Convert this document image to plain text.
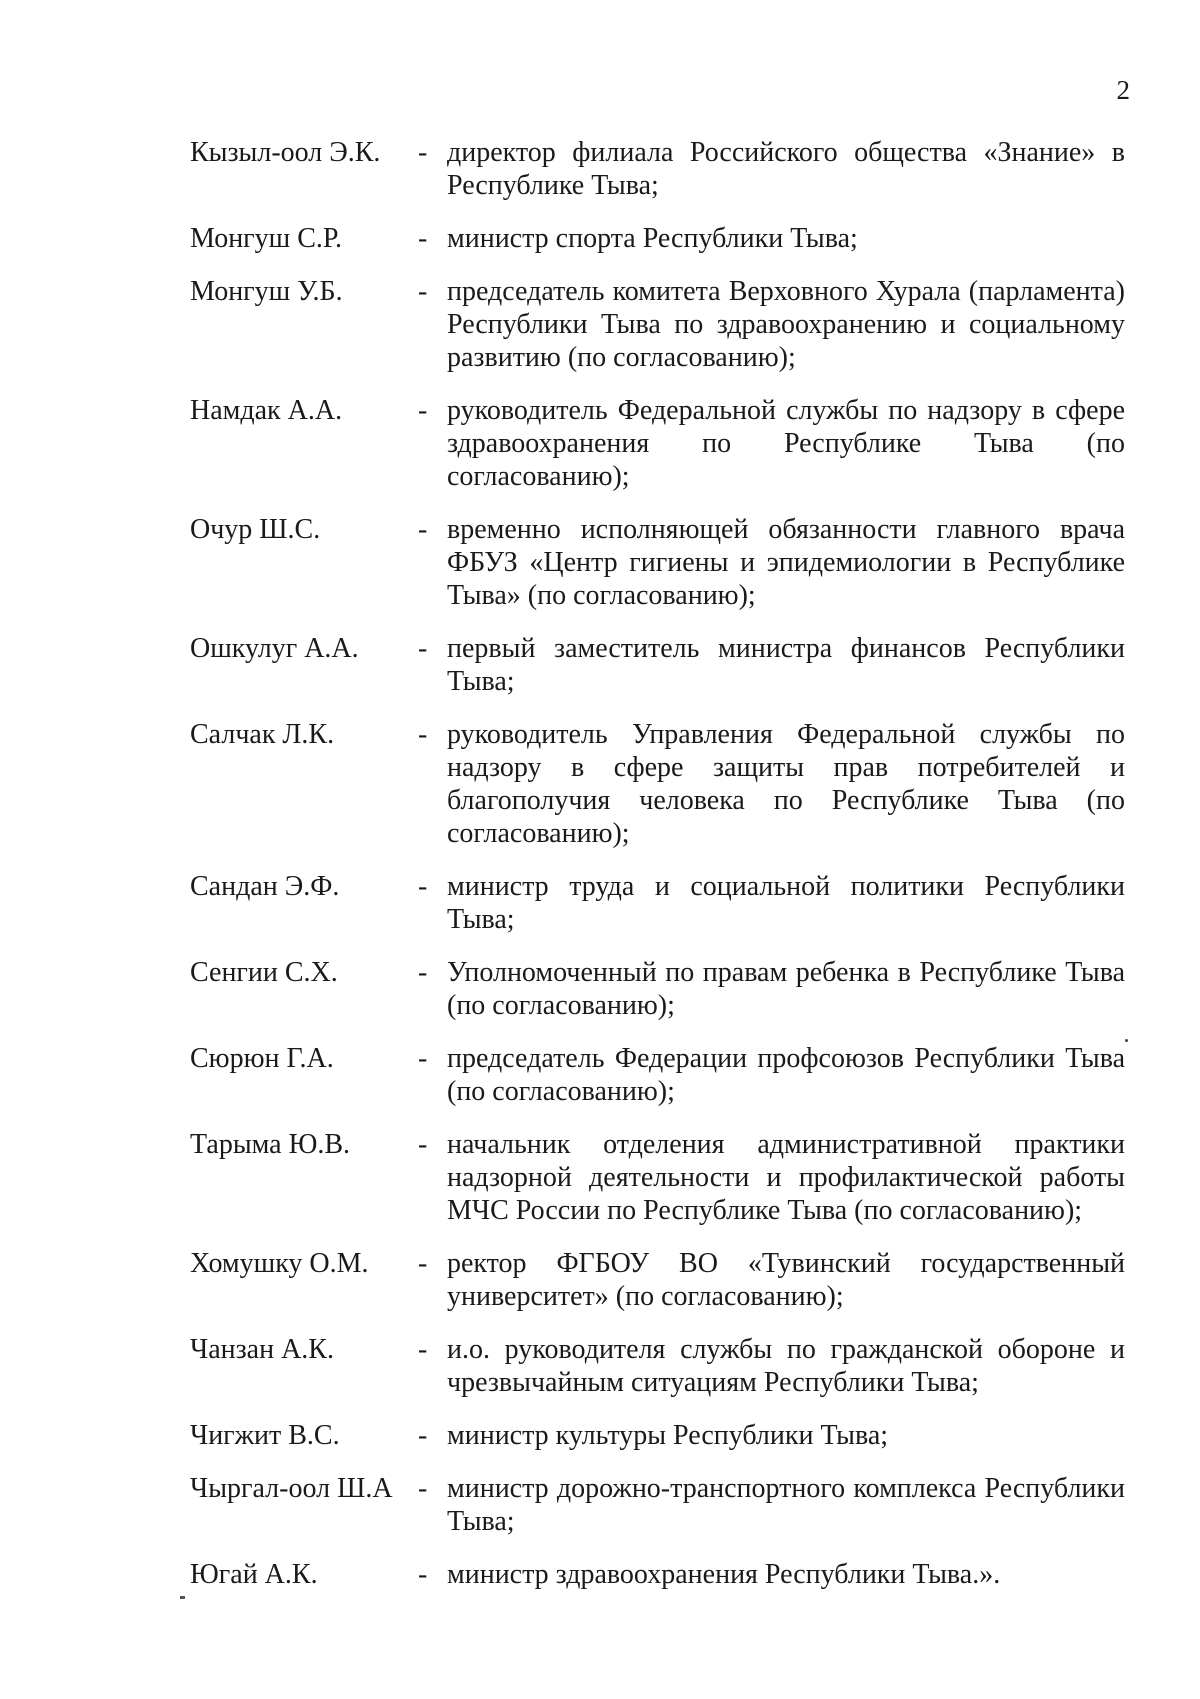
2
Кызыл-оол Э.К.	- директор филиала Российского общества «Знание» в Республике Тыва;
Монгуш С.Р.	- министр спорта Республики Тыва;
Монгуш У.Б.	- председатель комитета Верховного Хурала (парламента) Республики Тыва по здравоохранению и социальному развитию (по согласованию);
Намдак А.А.	- руководитель Федеральной службы по надзору в сфере здравоохранения по Республике Тыва (по согласованию);
Очур Ш.С.	- временно исполняющей обязанности главного врача ФБУЗ «Центр гигиены и эпидемиологии в Республике Тыва» (по согласованию);
Ошкулуг А.А.	- первый заместитель министра финансов Республики Тыва;
Салчак Л.К.	- руководитель Управления Федеральной службы по надзору в сфере защиты прав потребителей и благополучия человека по Республике Тыва (по согласованию);
Сандан Э.Ф.	- министр труда и социальной политики Республики Тыва;
Сенгии С.Х.	- Уполномоченный по правам ребенка в Республике Тыва (по согласованию);
Сюрюн Г.А.	- председатель Федерации профсоюзов Республики Тыва (по согласованию);
Тарыма Ю.В.	- начальник отделения административной практики надзорной деятельности и профилактической работы МЧС России по Республике Тыва (по согласованию);
Хомушку О.М.	- ректор ФГБОУ ВО «Тувинский государственный университет» (по согласованию);
Чанзан А.К.	- и.о. руководителя службы по гражданской обороне и чрезвычайным ситуациям Республики Тыва;
Чигжит В.С.	- министр культуры Республики Тыва;
Чыргал-оол Ш.А - министр дорожно-транспортного комплекса Республики Тыва;
Югай А.К.	- министр здравоохранения Республики Тыва.».
